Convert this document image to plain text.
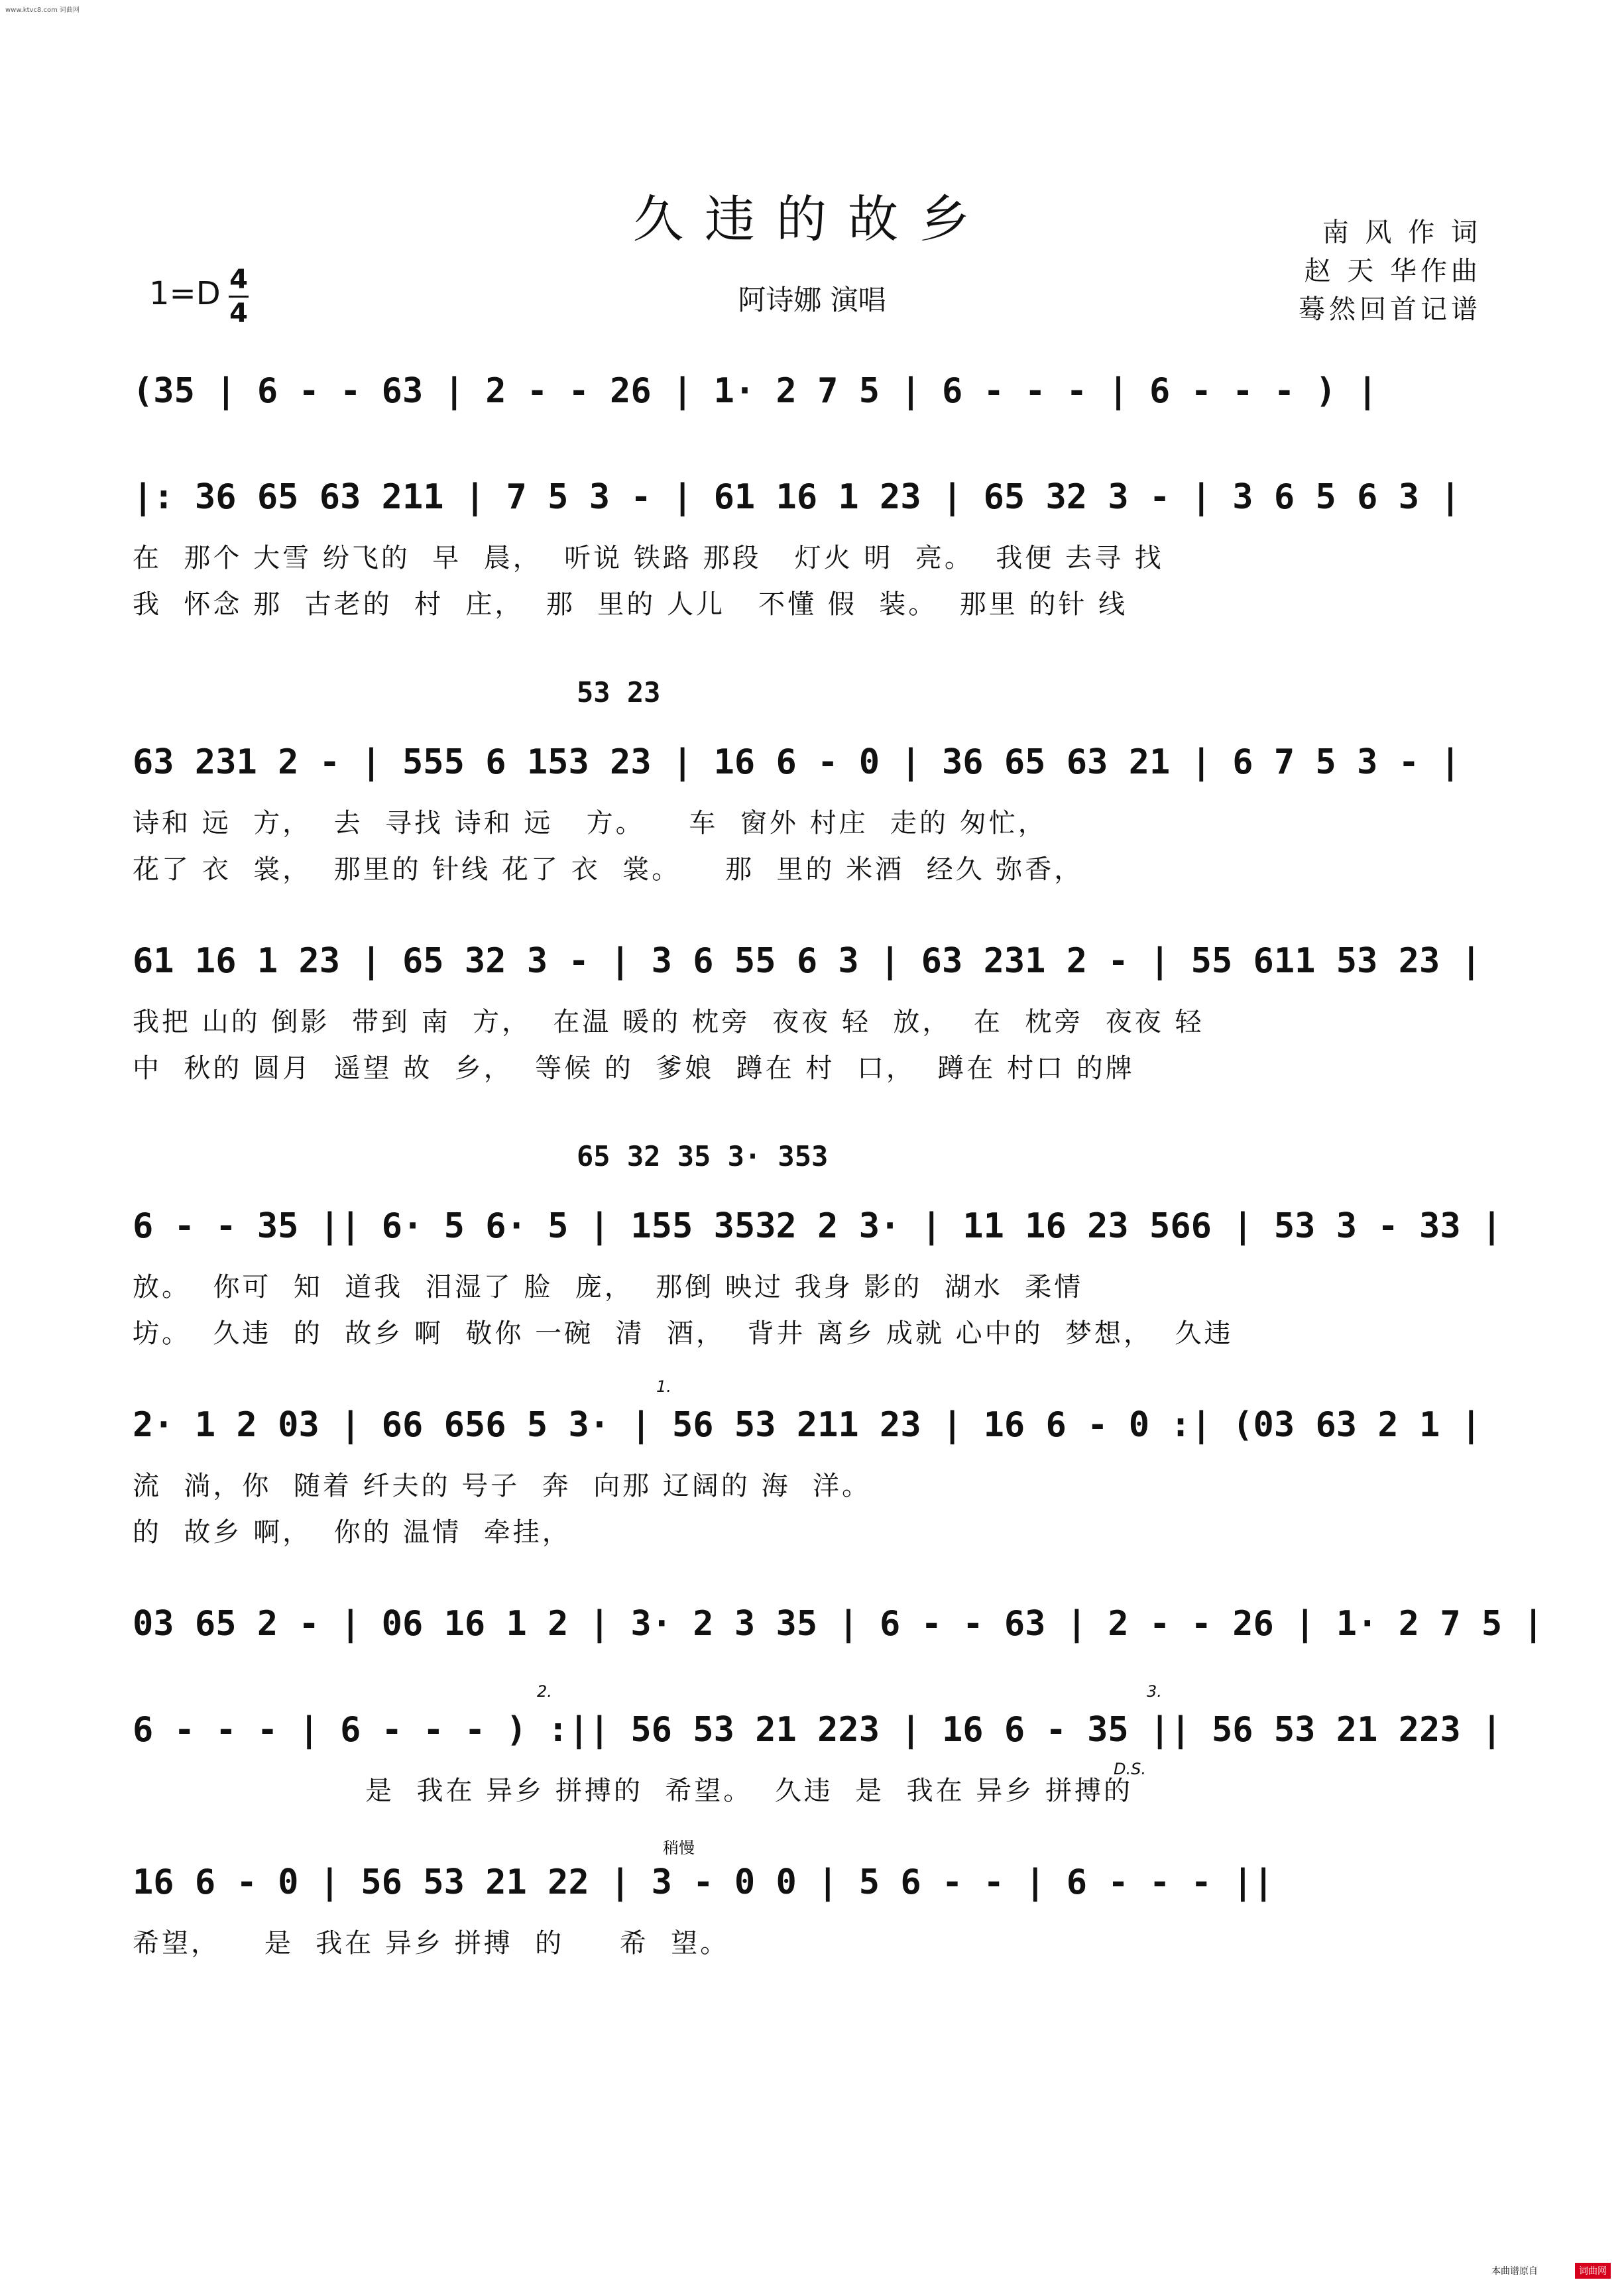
www.ktvc8.com 词曲网
久违的故乡	南 风 作 词
赵 天 华作曲
蓦然回首记谱
1=D 4
4	阿诗娜 演唱
(35 | 6 - - 63 | 2 - - 26 | 1· 2 7 5 | 6 - - - | 6 - - - ) |
|: 36 65 63 211 | 7 5 3 - | 61 16 1 23 | 65 32 3 - | 3 6 5 6 3 |
在  那个 大雪 纷飞的  早  晨，  听说 铁路 那段   灯火 明  亮。  我便 去寻 找
我  怀念 那  古老的  村  庄，  那  里的 人儿   不懂 假  装。  那里 的针 线
53 23
63 231 2 - | 555 6 153 23 | 16 6 - 0 | 36 65 63 21 | 6 7 5 3 - |
诗和 远  方，  去  寻找 诗和 远   方。    车  窗外 村庄  走的 匆忙，
花了 衣  裳，  那里的 针线 花了 衣  裳。    那  里的 米酒  经久 弥香，
61 16 1 23 | 65 32 3 - | 3 6 55 6 3 | 63 231 2 - | 55 611 53 23 |
我把 山的 倒影  带到 南  方，  在温 暖的 枕旁  夜夜 轻  放，  在  枕旁  夜夜 轻
中  秋的 圆月  遥望 故  乡，  等候 的  爹娘  蹲在 村  口，  蹲在 村口 的牌
65 32 35 3· 353
6 - - 35 || 6· 5 6· 5 | 155 3532 2 3· | 11 16 23 566 | 53 3 - 33 |
放。  你可  知  道我  泪湿了 脸  庞，  那倒 映过 我身 影的  湖水  柔情
坊。  久违  的  故乡 啊  敬你 一碗  清  酒，  背井 离乡 成就 心中的  梦想，  久违
1.
2· 1 2 03 | 66 656 5 3· | 56 53 211 23 | 16 6 - 0 :| (03 63 2 1 |
流  淌，你  随着 纤夫的 号子  奔  向那 辽阔的 海  洋。
的  故乡 啊，  你的 温情  牵挂，
03 65 2 - | 06 16 1 2 | 3· 2 3 35 | 6 - - 63 | 2 - - 26 | 1· 2 7 5 |
2.	3.
D.S.
6 - - - | 6 - - - ) :|| 56 53 21 223 | 16 6 - 35 || 56 53 21 223 |
是  我在 异乡 拼搏的  希望。  久违  是  我在 异乡 拼搏的
稍慢
16 6 - 0 | 56 53 21 22 | 3 - 0 0 | 5 6 - - | 6 - - - ||
希望，    是  我在 异乡 拼搏  的     希  望。
本曲谱原自	词曲网
